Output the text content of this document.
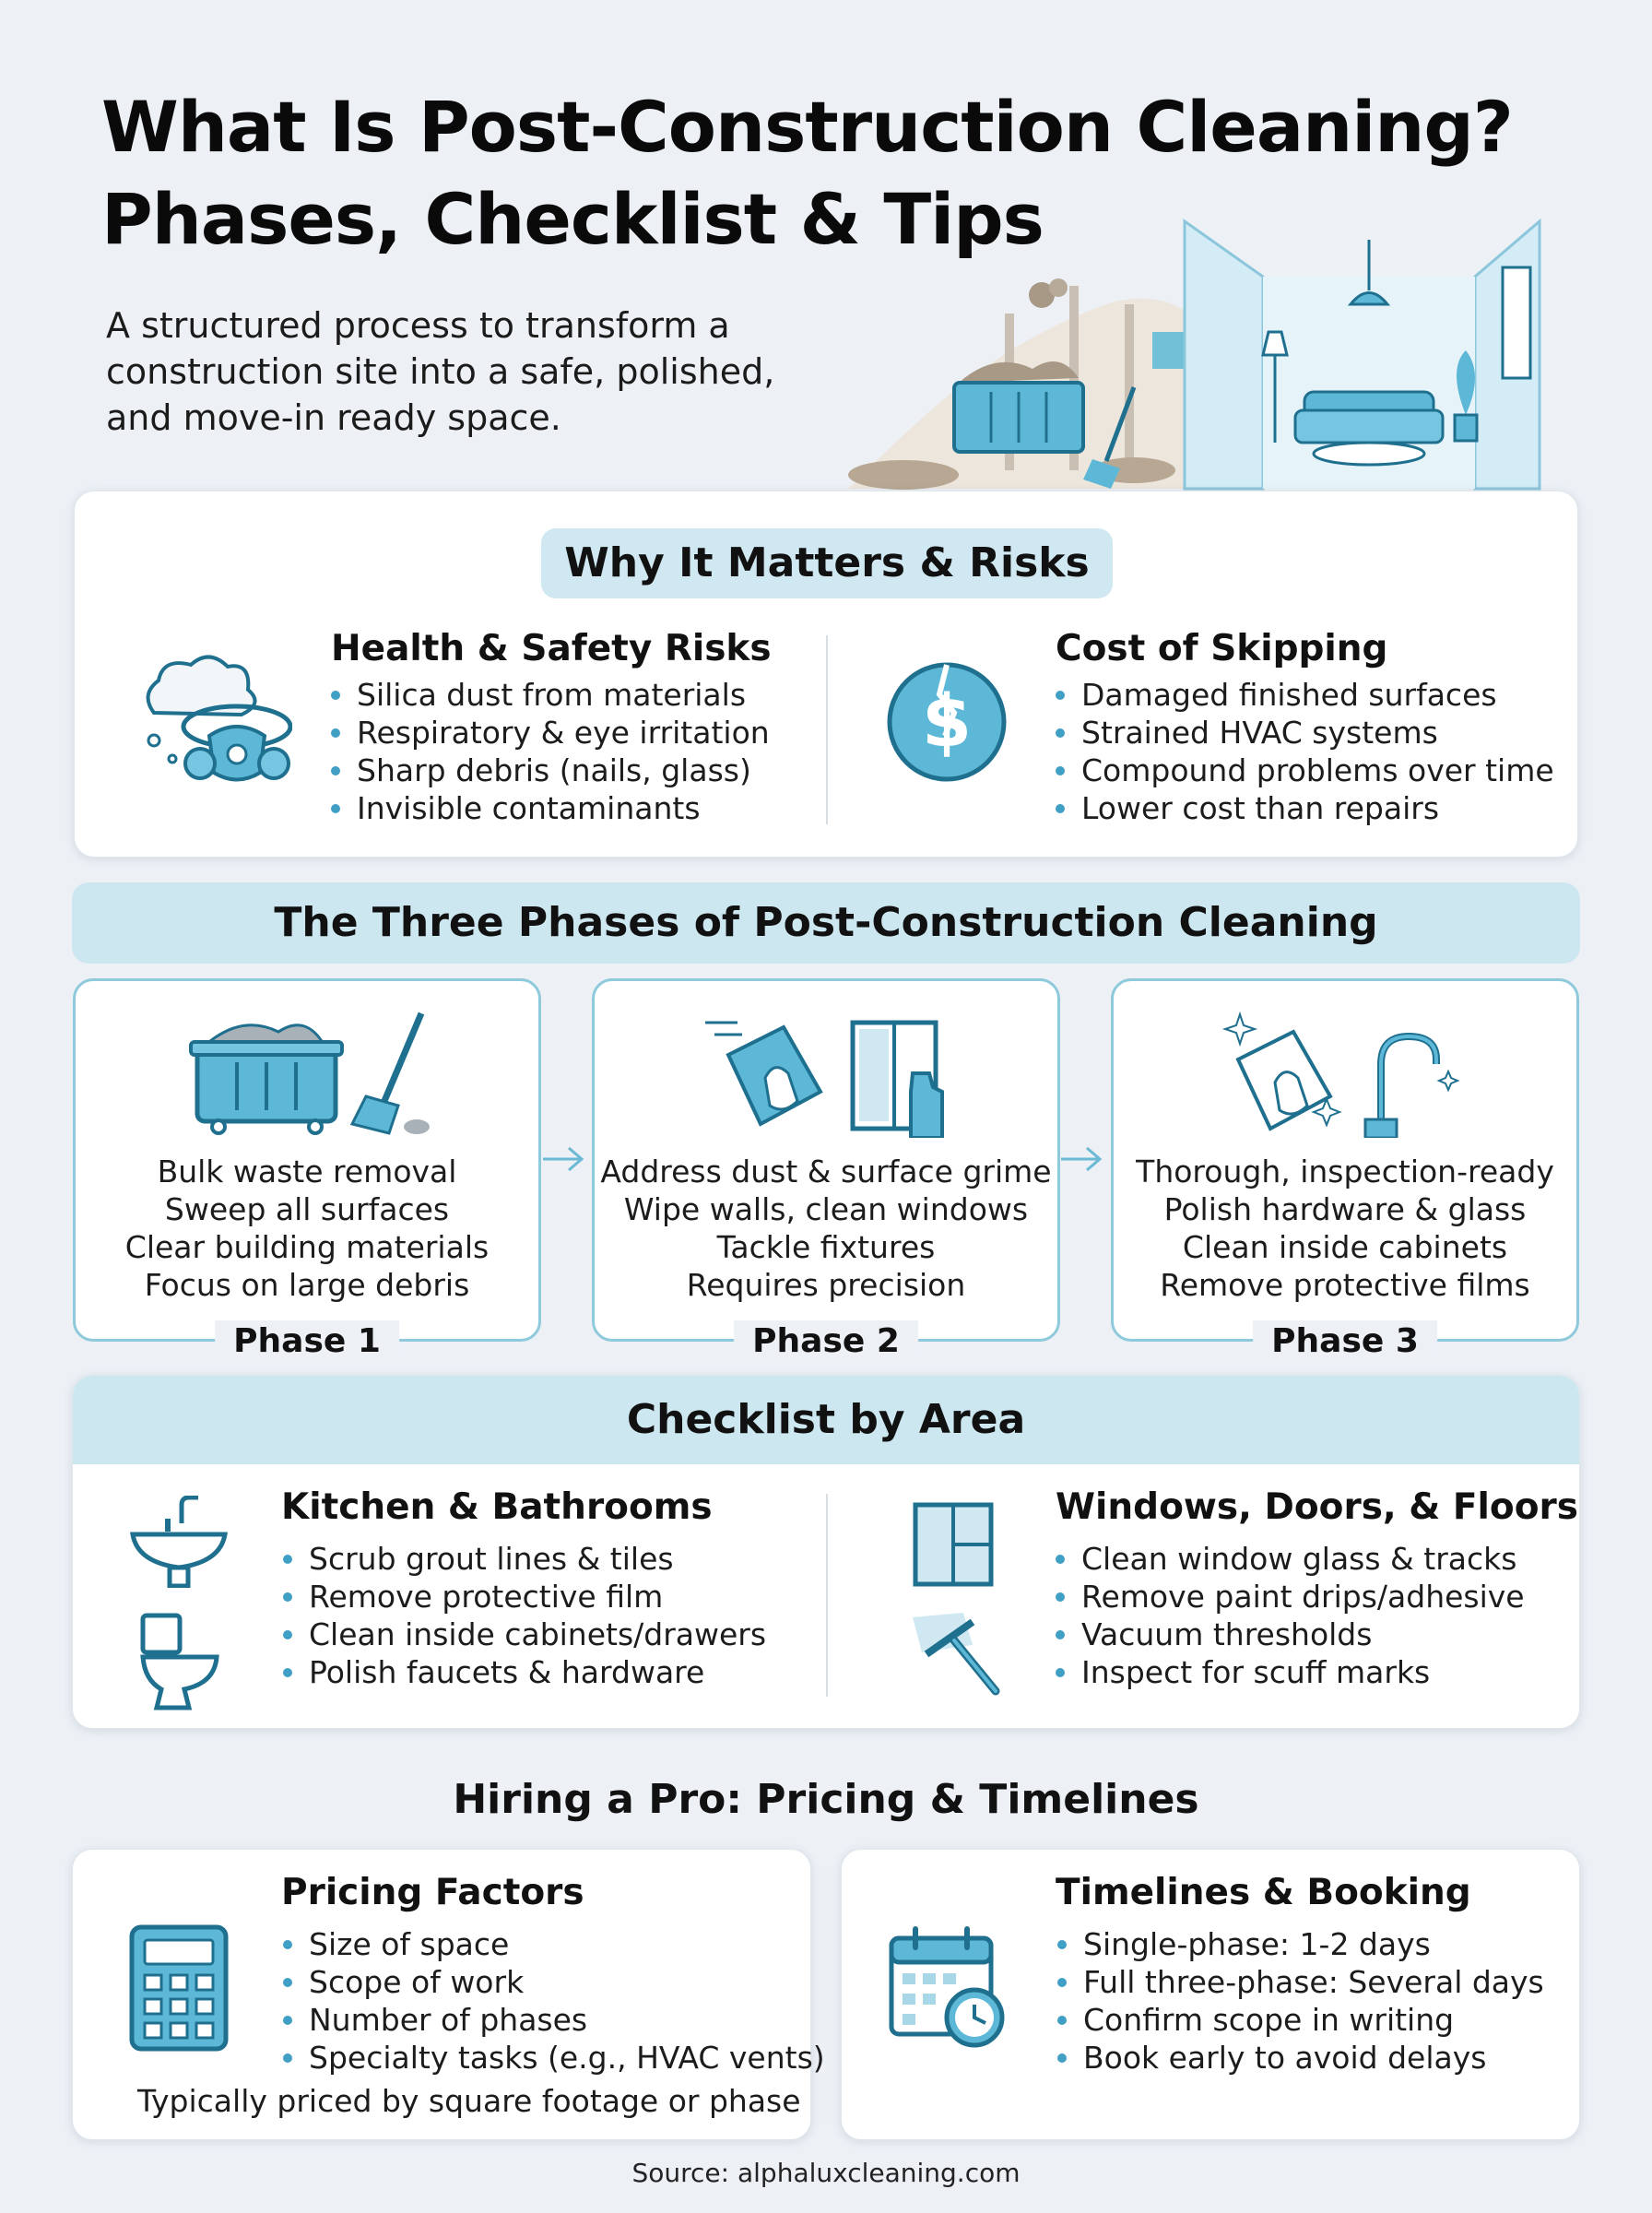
What Is Post-Construction Cleaning?
Phases, Checklist & Tips
A structured process to transform a
construction site into a safe, polished,
and move-in ready space.
Why It Matters & Risks
Health & Safety Risks
Silica dust from materials
Respiratory & eye irritation
Sharp debris (nails, glass)
Invisible contaminants
$
Cost of Skipping
Damaged finished surfaces
Strained HVAC systems
Compound problems over time
Lower cost than repairs
The Three Phases of Post-Construction Cleaning
Bulk waste removal
Sweep all surfaces
Clear building materials
Focus on large debris
Phase 1
Address dust & surface grime
Wipe walls, clean windows
Tackle fixtures
Requires precision
Phase 2
Thorough, inspection-ready
Polish hardware & glass
Clean inside cabinets
Remove protective films
Phase 3
Checklist by Area
Kitchen & Bathrooms
Scrub grout lines & tiles
Remove protective film
Clean inside cabinets/drawers
Polish faucets & hardware
Windows, Doors, & Floors
Clean window glass & tracks
Remove paint drips/adhesive
Vacuum thresholds
Inspect for scuff marks
Hiring a Pro: Pricing & Timelines
Pricing Factors
Size of space
Scope of work
Number of phases
Specialty tasks (e.g., HVAC vents)
Typically priced by square footage or phase
Timelines & Booking
Single-phase: 1-2 days
Full three-phase: Several days
Confirm scope in writing
Book early to avoid delays
Source: alphaluxcleaning.com
